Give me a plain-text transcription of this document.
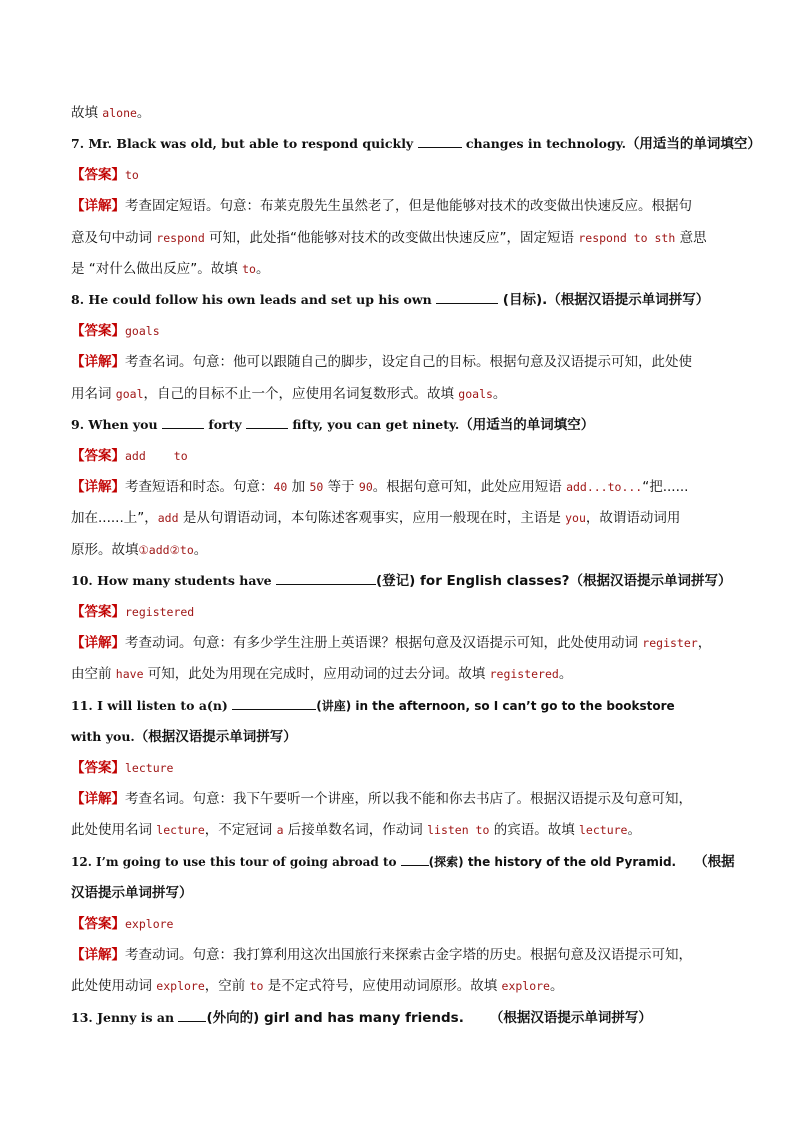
故填 alone。
7. Mr. Black was old, but able to respond quickly	changes in technology.（用适当的单词填空）
【答案】to
【详解】考查固定短语。句意：布莱克殷先生虽然老了，但是他能够对技术的改变做出快速反应。根据句
意及句中动词 respond 可知，此处指“他能够对技术的改变做出快速反应”，固定短语 respond to sth 意思
是 “对什么做出反应”。故填 to。
8. He could follow his own leads and set up his own	(目标).（根据汉语提示单词拼写）
【答案】goals
【详解】考查名词。句意：他可以跟随自己的脚步，设定自己的目标。根据句意及汉语提示可知，此处使
用名词 goal，自己的目标不止一个，应使用名词复数形式。故填 goals。
9. When you	forty	fifty, you can get ninety.（用适当的单词填空）
【答案】add to
【详解】考查短语和时态。句意：40 加 50 等于 90。根据句意可知，此处应用短语 add...to...“把......
加在......上”，add 是从句谓语动词，本句陈述客观事实，应用一般现在时，主语是 you，故谓语动词用
原形。故填①add②to。
10. How many students have	(登记) for English classes?（根据汉语提示单词拼写）
【答案】registered
【详解】考查动词。句意：有多少学生注册上英语课？根据句意及汉语提示可知，此处使用动词 register，
由空前 have 可知，此处为用现在完成时，应用动词的过去分词。故填 registered。
11. I will listen to a(n)	(讲座) in the afternoon, so I can’t go to the bookstore
with you.（根据汉语提示单词拼写）
【答案】lecture
【详解】考查名词。句意：我下午要听一个讲座，所以我不能和你去书店了。根据汉语提示及句意可知，
此处使用名词 lecture，不定冠词 a 后接单数名词，作动词 listen to 的宾语。故填 lecture。
12. I’m going to use this tour of going abroad to (探索) the history of the old Pyramid. （根据
汉语提示单词拼写）
【答案】explore
【详解】考查动词。句意：我打算利用这次出国旅行来探索古金字塔的历史。根据句意及汉语提示可知，
此处使用动词 explore，空前 to 是不定式符号，应使用动词原形。故填 explore。
13. Jenny is an (外向的) girl and has many friends. （根据汉语提示单词拼写）
